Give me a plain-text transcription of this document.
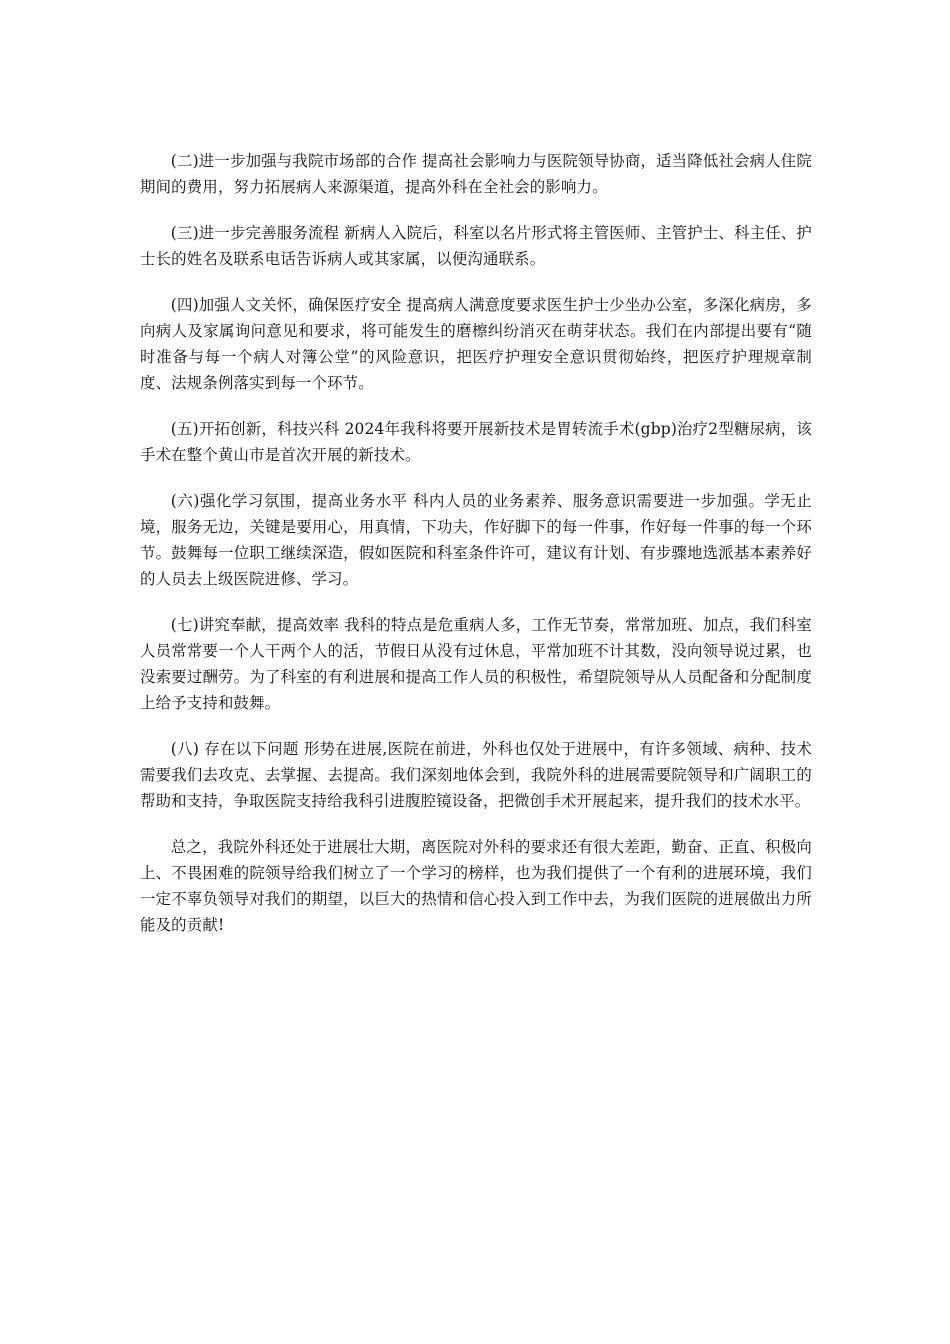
(二)进一步加强与我院市场部的合作 提高社会影响力与医院领导协商，适当降低社会病人住院期间的费用，努力拓展病人来源渠道，提高外科在全社会的影响力。

(三)进一步完善服务流程 新病人入院后，科室以名片形式将主管医师、主管护士、科主任、护士长的姓名及联系电话告诉病人或其家属，以便沟通联系。

(四)加强人文关怀，确保医疗安全 提高病人满意度要求医生护士少坐办公室，多深化病房，多向病人及家属询问意见和要求，将可能发生的磨檫纠纷消灭在萌芽状态。我们在内部提出要有“随时准备与每一个病人对簿公堂”的风险意识，把医疗护理安全意识贯彻始终，把医疗护理规章制度、法规条例落实到每一个环节。

(五)开拓创新，科技兴科 2024年我科将要开展新技术是胃转流手术(gbp)治疗2型糖尿病，该手术在整个黄山市是首次开展的新技术。

(六)强化学习氛围，提高业务水平 科内人员的业务素养、服务意识需要进一步加强。学无止境，服务无边，关键是要用心，用真情，下功夫，作好脚下的每一件事，作好每一件事的每一个环节。鼓舞每一位职工继续深造，假如医院和科室条件许可，建议有计划、有步骤地选派基本素养好的人员去上级医院进修、学习。

(七)讲究奉献，提高效率 我科的特点是危重病人多，工作无节奏，常常加班、加点，我们科室人员常常要一个人干两个人的活，节假日从没有过休息，平常加班不计其数，没向领导说过累，也没索要过酬劳。为了科室的有利进展和提高工作人员的积极性，希望院领导从人员配备和分配制度上给予支持和鼓舞。

(八) 存在以下问题 形势在进展,医院在前进，外科也仅处于进展中，有许多领域、病种、技术需要我们去攻克、去掌握、去提高。我们深刻地体会到，我院外科的进展需要院领导和广阔职工的帮助和支持，争取医院支持给我科引进腹腔镜设备，把微创手术开展起来，提升我们的技术水平。

总之，我院外科还处于进展壮大期，离医院对外科的要求还有很大差距，勤奋、正直、积极向上、不畏困难的院领导给我们树立了一个学习的榜样，也为我们提供了一个有利的进展环境，我们一定不辜负领导对我们的期望，以巨大的热情和信心投入到工作中去，为我们医院的进展做出力所能及的贡献!
